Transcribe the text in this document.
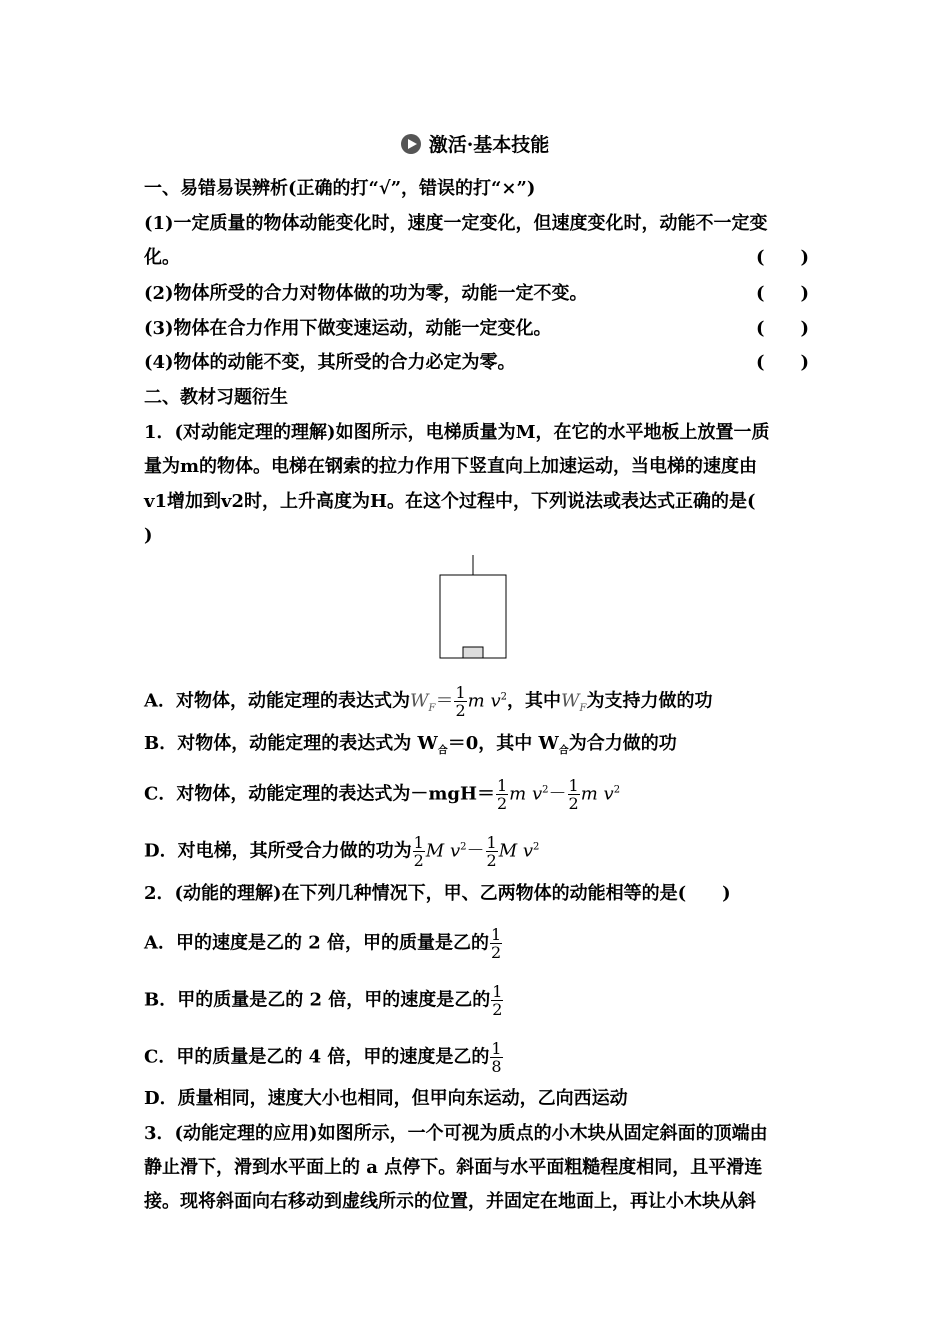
激活·基本技能
一、易错易误辨析(正确的打“√”，错误的打“×”)
(1)一定质量的物体动能变化时，速度一定变化，但速度变化时，动能不一定变
化。	(　　)
(2)物体所受的合力对物体做的功为零，动能一定不变。	(　　)
(3)物体在合力作用下做变速运动，动能一定变化。	(　　)
(4)物体的动能不变，其所受的合力必定为零。	(　　)
二、教材习题衍生
1．(对动能定理的理解)如图所示，电梯质量为M，在它的水平地板上放置一质
量为m的物体。电梯在钢索的拉力作用下竖直向上加速运动，当电梯的速度由
v1增加到v2时，上升高度为H。在这个过程中，下列说法或表达式正确的是(
)
A．对物体，动能定理的表达式为$W_F= \frac{1}{2}$ m $v^2$，其中$W_F$为支持力做的功
B．对物体，动能定理的表达式为 $W_合=0$，其中 $W_合$为合力做的功
C．对物体，动能定理的表达式为$-mgH= \frac{1}{2}$ m $v^2- \frac{1}{2}$ m $v^2$
D．对电梯，其所受合力做的功为 $\frac{1}{2}$ M $v^2- \frac{1}{2}$ M $v^2$
2．(动能的理解)在下列几种情况下，甲、乙两物体的动能相等的是(　　)
A．甲的速度是乙的 2 倍，甲的质量是乙的 $\frac{1}{2}$
B．甲的质量是乙的 2 倍，甲的速度是乙的 $\frac{1}{2}$
C．甲的质量是乙的 4 倍，甲的速度是乙的 $\frac{1}{8}$
D．质量相同，速度大小也相同，但甲向东运动，乙向西运动
3．(动能定理的应用)如图所示，一个可视为质点的小木块从固定斜面的顶端由
静止滑下，滑到水平面上的 a 点停下。斜面与水平面粗糙程度相同，且平滑连
接。现将斜面向右移动到虚线所示的位置，并固定在地面上，再让小木块从斜
